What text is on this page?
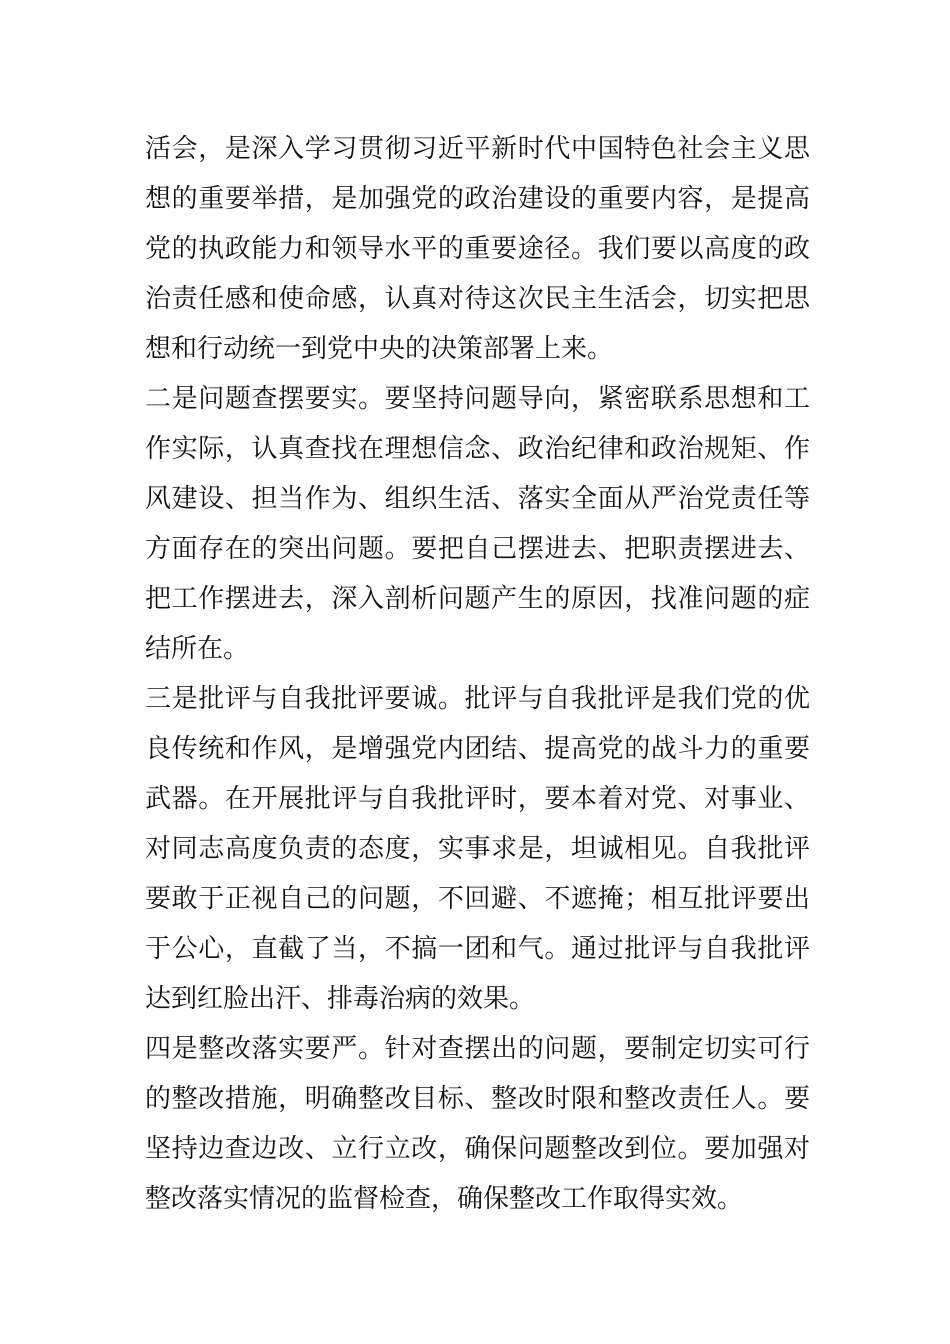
活会，是深入学习贯彻习近平新时代中国特色社会主义思
想的重要举措，是加强党的政治建设的重要内容，是提高
党的执政能力和领导水平的重要途径。我们要以高度的政
治责任感和使命感，认真对待这次民主生活会，切实把思
想和行动统一到党中央的决策部署上来。

二是问题查摆要实。要坚持问题导向，紧密联系思想和工
作实际，认真查找在理想信念、政治纪律和政治规矩、作
风建设、担当作为、组织生活、落实全面从严治党责任等
方面存在的突出问题。要把自己摆进去、把职责摆进去、
把工作摆进去，深入剖析问题产生的原因，找准问题的症
结所在。

三是批评与自我批评要诚。批评与自我批评是我们党的优
良传统和作风，是增强党内团结、提高党的战斗力的重要
武器。在开展批评与自我批评时，要本着对党、对事业、
对同志高度负责的态度，实事求是，坦诚相见。自我批评
要敢于正视自己的问题，不回避、不遮掩；相互批评要出
于公心，直截了当，不搞一团和气。通过批评与自我批评
达到红脸出汗、排毒治病的效果。

四是整改落实要严。针对查摆出的问题，要制定切实可行
的整改措施，明确整改目标、整改时限和整改责任人。要
坚持边查边改、立行立改，确保问题整改到位。要加强对
整改落实情况的监督检查，确保整改工作取得实效。
